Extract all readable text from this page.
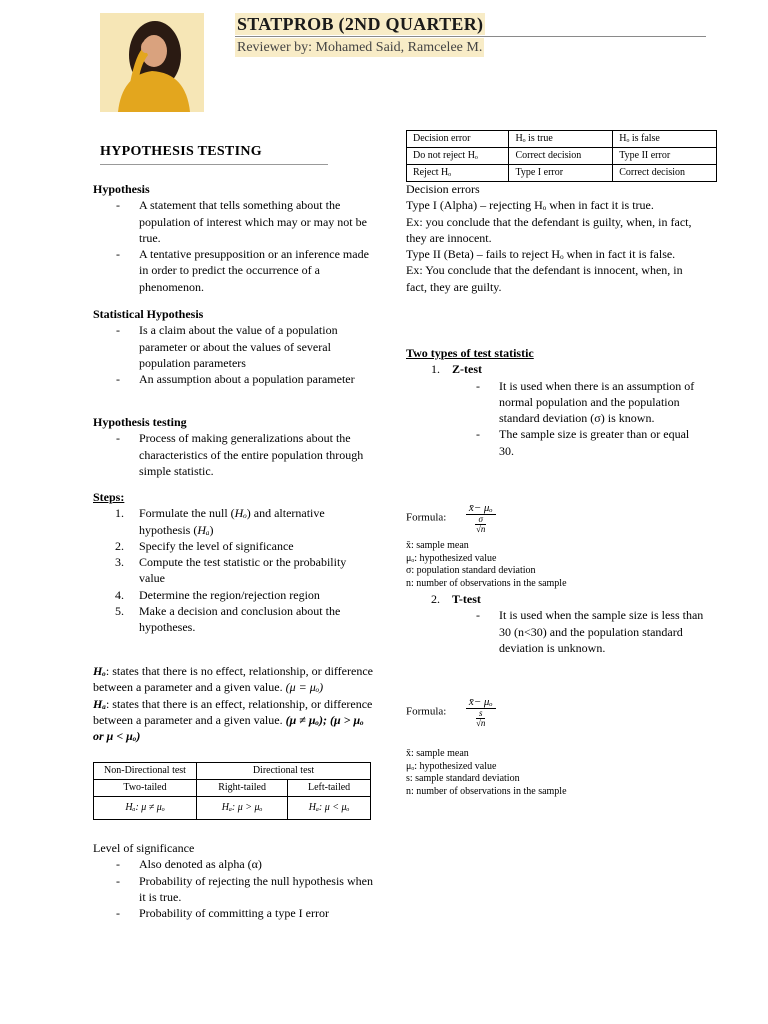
STATPROB (2ND QUARTER)
Reviewer by: Mohamed Said, Ramcelee M.
HYPOTHESIS TESTING
Hypothesis
- A statement that tells something about the population of interest which may or may not be true.
- A tentative presupposition or an inference made in order to predict the occurrence of a phenomenon.
Statistical Hypothesis
- Is a claim about the value of a population parameter or about the values of several population parameters
- An assumption about a population parameter
Hypothesis testing
- Process of making generalizations about the characteristics of the entire population through simple statistic.
Steps:
1. Formulate the null (Hₒ) and alternative hypothesis (Hₐ)
2. Specify the level of significance
3. Compute the test statistic or the probability value
4. Determine the region/rejection region
5. Make a decision and conclusion about the hypotheses.
Hₒ: states that there is no effect, relationship, or difference between a parameter and a given value. (μ = μₒ)
Hₐ: states that there is an effect, relationship, or difference between a parameter and a given value. (μ ≠ μₒ); (μ > μₒ or μ < μₒ)
Non-Directional test	Directional test	
Two-tailed	Right-tailed	Left-tailed
Hₐ: μ ≠ μₒ	Hₐ: μ > μₒ	Hₐ: μ < μₒ
Level of significance
- Also denoted as alpha (α)
- Probability of rejecting the null hypothesis when it is true.
- Probability of committing a type I error
Decision error	Hₒ is true	Hₒ is false
Do not reject Hₒ	Correct decision	Type II error
Reject Hₒ	Type I error	Correct decision
Decision errors
Type I (Alpha) – rejecting Hₒ when in fact it is true.
Ex: you conclude that the defendant is guilty, when, in fact, they are innocent.
Type II (Beta) – fails to reject Hₒ when in fact it is false.
Ex: You conclude that the defendant is innocent, when, in fact, they are guilty.
Two types of test statistic
1. Z-test
- It is used when there is an assumption of normal population and the population standard deviation (σ) is known.
- The sample size is greater than or equal 30.
Formula: $\frac{\text{x̄− μₒ}}{\frac{\sigma}{√n}}$
x̄: sample mean
μₒ: hypothesized value
σ: population standard deviation
n: number of observations in the sample
2. T-test
- It is used when the sample size is less than 30 (n<30) and the population standard deviation is unknown.
Formula: $\frac{\text{x̄− μₒ}}{\frac{s}{√n}}$
x̄: sample mean
μₒ: hypothesized value
s: sample standard deviation
n: number of observations in the sample
